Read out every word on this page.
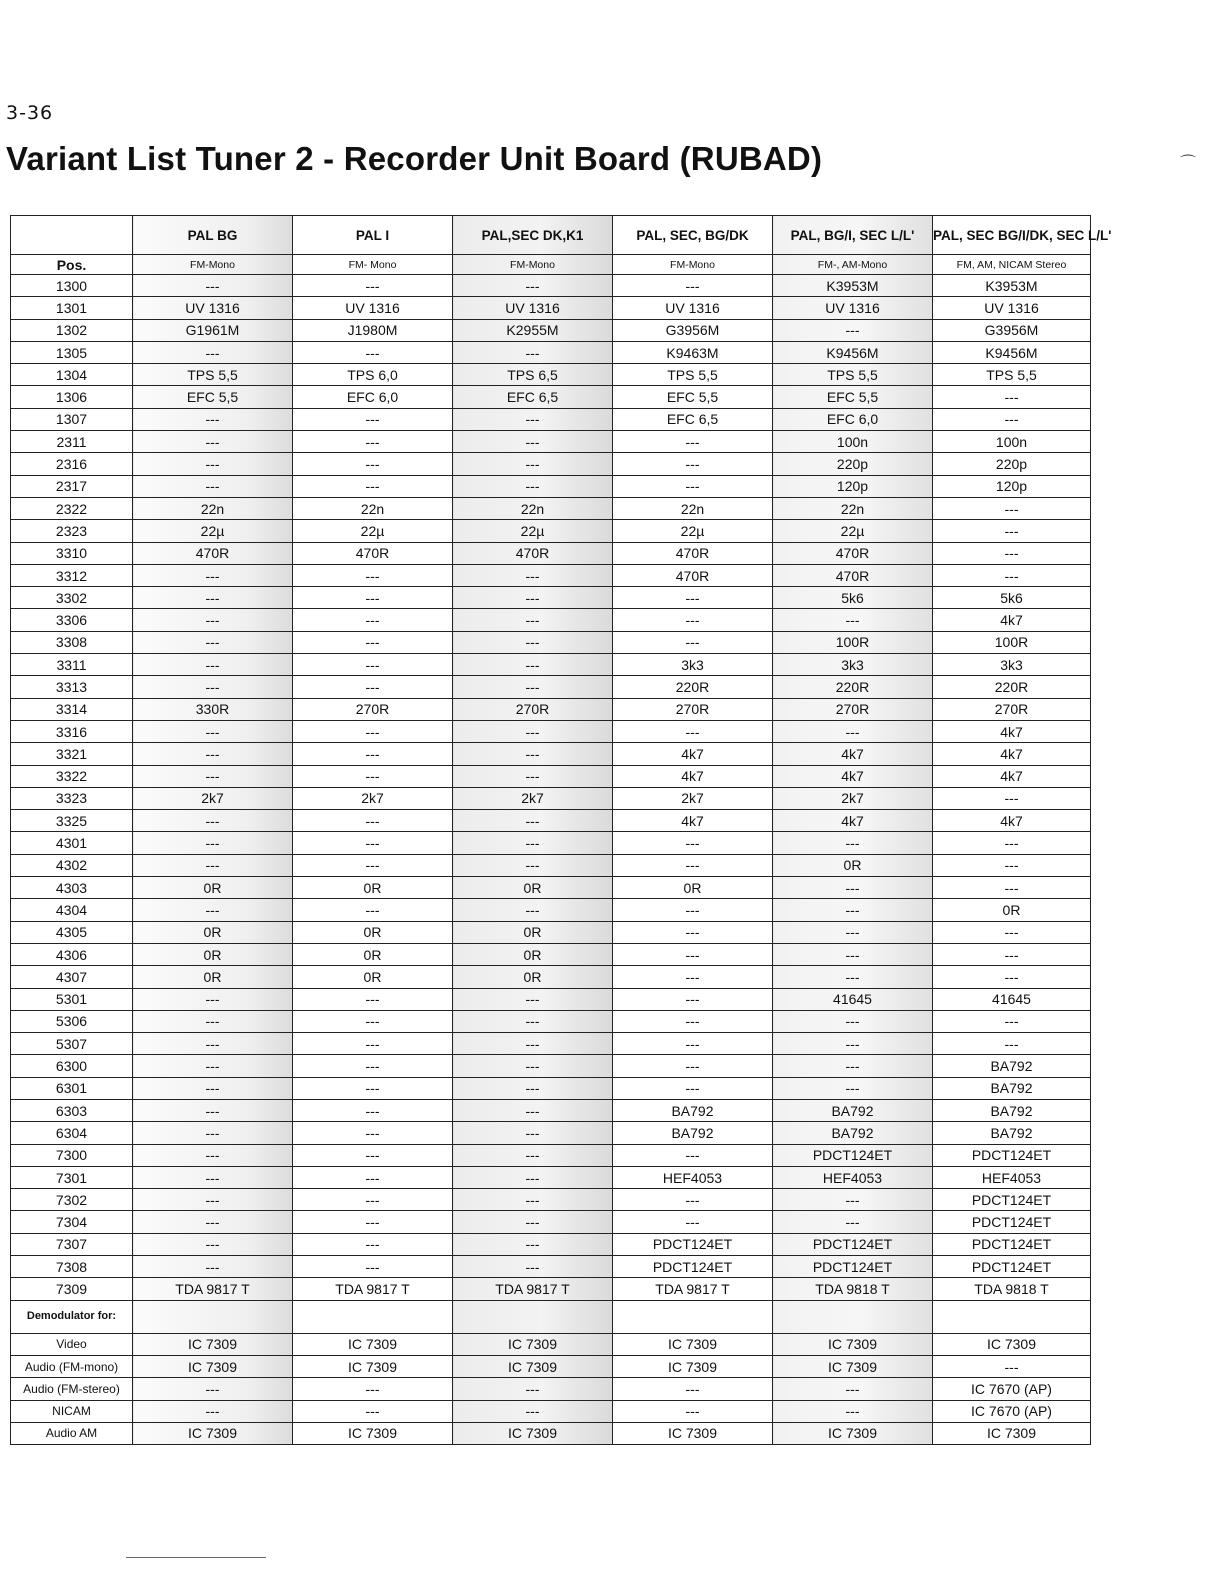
3-36
Variant List Tuner 2 - Recorder Unit Board (RUBAD)
	PAL BG	PAL I	PAL,SEC DK,K1	PAL, SEC, BG/DK	PAL, BG/I, SEC L/L'	PAL, SEC BG/I/DK, SEC L/L'
Pos.	FM-Mono	FM- Mono	FM-Mono	FM-Mono	FM-, AM-Mono	FM, AM, NICAM Stereo
1300	---	---	---	---	K3953M	K3953M
1301	UV 1316	UV 1316	UV 1316	UV 1316	UV 1316	UV 1316
1302	G1961M	J1980M	K2955M	G3956M	---	G3956M
1305	---	---	---	K9463M	K9456M	K9456M
1304	TPS 5,5	TPS 6,0	TPS 6,5	TPS 5,5	TPS 5,5	TPS 5,5
1306	EFC 5,5	EFC 6,0	EFC 6,5	EFC 5,5	EFC 5,5	---
1307	---	---	---	EFC 6,5	EFC 6,0	---
2311	---	---	---	---	100n	100n
2316	---	---	---	---	220p	220p
2317	---	---	---	---	120p	120p
2322	22n	22n	22n	22n	22n	---
2323	22µ	22µ	22µ	22µ	22µ	---
3310	470R	470R	470R	470R	470R	---
3312	---	---	---	470R	470R	---
3302	---	---	---	---	5k6	5k6
3306	---	---	---	---	---	4k7
3308	---	---	---	---	100R	100R
3311	---	---	---	3k3	3k3	3k3
3313	---	---	---	220R	220R	220R
3314	330R	270R	270R	270R	270R	270R
3316	---	---	---	---	---	4k7
3321	---	---	---	4k7	4k7	4k7
3322	---	---	---	4k7	4k7	4k7
3323	2k7	2k7	2k7	2k7	2k7	---
3325	---	---	---	4k7	4k7	4k7
4301	---	---	---	---	---	---
4302	---	---	---	---	0R	---
4303	0R	0R	0R	0R	---	---
4304	---	---	---	---	---	0R
4305	0R	0R	0R	---	---	---
4306	0R	0R	0R	---	---	---
4307	0R	0R	0R	---	---	---
5301	---	---	---	---	41645	41645
5306	---	---	---	---	---	---
5307	---	---	---	---	---	---
6300	---	---	---	---	---	BA792
6301	---	---	---	---	---	BA792
6303	---	---	---	BA792	BA792	BA792
6304	---	---	---	BA792	BA792	BA792
7300	---	---	---	---	PDCT124ET	PDCT124ET
7301	---	---	---	HEF4053	HEF4053	HEF4053
7302	---	---	---	---	---	PDCT124ET
7304	---	---	---	---	---	PDCT124ET
7307	---	---	---	PDCT124ET	PDCT124ET	PDCT124ET
7308	---	---	---	PDCT124ET	PDCT124ET	PDCT124ET
7309	TDA 9817 T	TDA 9817 T	TDA 9817 T	TDA 9817 T	TDA 9818 T	TDA 9818 T
Demodulator for:						
Video	IC 7309	IC 7309	IC 7309	IC 7309	IC 7309	IC 7309
Audio (FM-mono)	IC 7309	IC 7309	IC 7309	IC 7309	IC 7309	---
Audio (FM-stereo)	---	---	---	---	---	IC 7670 (AP)
NICAM	---	---	---	---	---	IC 7670 (AP)
Audio AM	IC 7309	IC 7309	IC 7309	IC 7309	IC 7309	IC 7309
⌒
